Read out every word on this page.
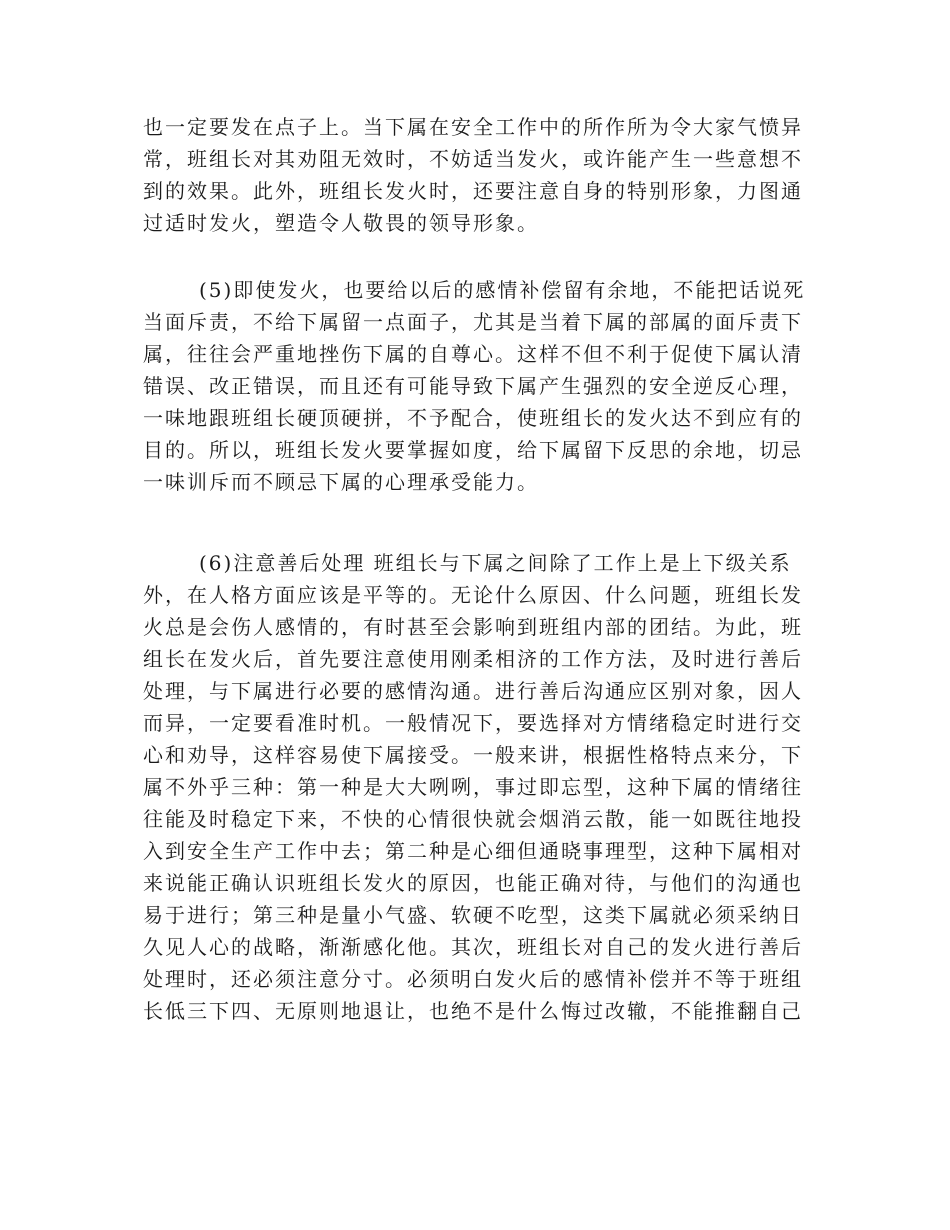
也一定要发在点子上。当下属在安全工作中的所作所为令大家气愤异
常，班组长对其劝阻无效时，不妨适当发火，或许能产生一些意想不
到的效果。此外，班组长发火时，还要注意自身的特别形象，力图通
过适时发火，塑造令人敬畏的领导形象。
(5)即使发火，也要给以后的感情补偿留有余地，不能把话说死
当面斥责，不给下属留一点面子，尤其是当着下属的部属的面斥责下
属，往往会严重地挫伤下属的自尊心。这样不但不利于促使下属认清
错误、改正错误，而且还有可能导致下属产生强烈的安全逆反心理，
一味地跟班组长硬顶硬拼，不予配合，使班组长的发火达不到应有的
目的。所以，班组长发火要掌握如度，给下属留下反思的余地，切忌
一味训斥而不顾忌下属的心理承受能力。
(6)注意善后处理 班组长与下属之间除了工作上是上下级关系
外，在人格方面应该是平等的。无论什么原因、什么问题，班组长发
火总是会伤人感情的，有时甚至会影响到班组内部的团结。为此，班
组长在发火后，首先要注意使用刚柔相济的工作方法，及时进行善后
处理，与下属进行必要的感情沟通。进行善后沟通应区别对象，因人
而异，一定要看准时机。一般情况下，要选择对方情绪稳定时进行交
心和劝导，这样容易使下属接受。一般来讲，根据性格特点来分，下
属不外乎三种：第一种是大大咧咧，事过即忘型，这种下属的情绪往
往能及时稳定下来，不快的心情很快就会烟消云散，能一如既往地投
入到安全生产工作中去；第二种是心细但通晓事理型，这种下属相对
来说能正确认识班组长发火的原因，也能正确对待，与他们的沟通也
易于进行；第三种是量小气盛、软硬不吃型，这类下属就必须采纳日
久见人心的战略，渐渐感化他。其次，班组长对自己的发火进行善后
处理时，还必须注意分寸。必须明白发火后的感情补偿并不等于班组
长低三下四、无原则地退让，也绝不是什么悔过改辙，不能推翻自己
